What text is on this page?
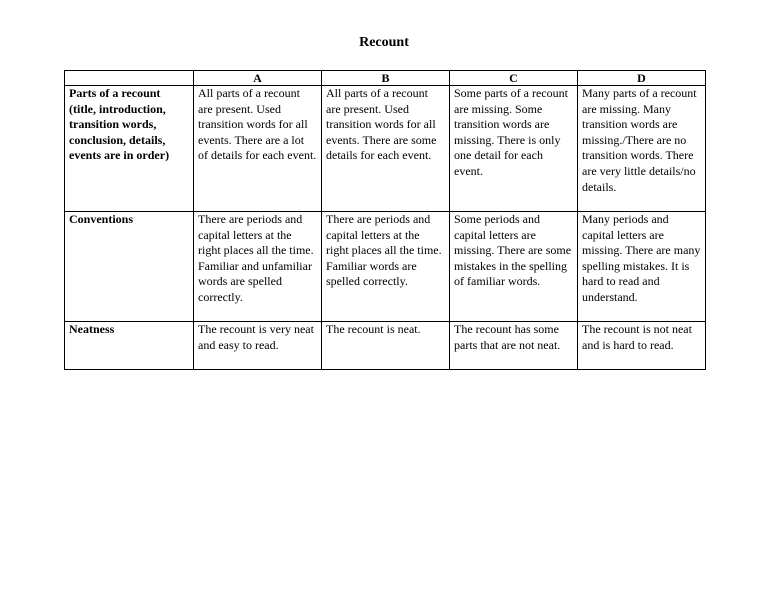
Recount
	A	B	C	D
Parts of a recount (title, introduction, transition words, conclusion, details, events are in order)	All parts of a recount are present. Used transition words for all events. There are a lot of details for each event.	All parts of a recount are present. Used transition words for all events. There are some details for each event.	Some parts of a recount are missing. Some transition words are missing. There is only one detail for each event.	Many parts of a recount are missing. Many transition words are missing./There are no transition words. There are very little details/no details.
Conventions	There are periods and capital letters at the right places all the time. Familiar and unfamiliar words are spelled correctly.	There are periods and capital letters at the right places all the time. Familiar words are spelled correctly.	Some periods and capital letters are missing. There are some mistakes in the spelling of familiar words.	Many periods and capital letters are missing. There are many spelling mistakes. It is hard to read and understand.
Neatness	The recount is very neat and easy to read.	The recount is neat.	The recount has some parts that are not neat.	The recount is not neat and is hard to read.
